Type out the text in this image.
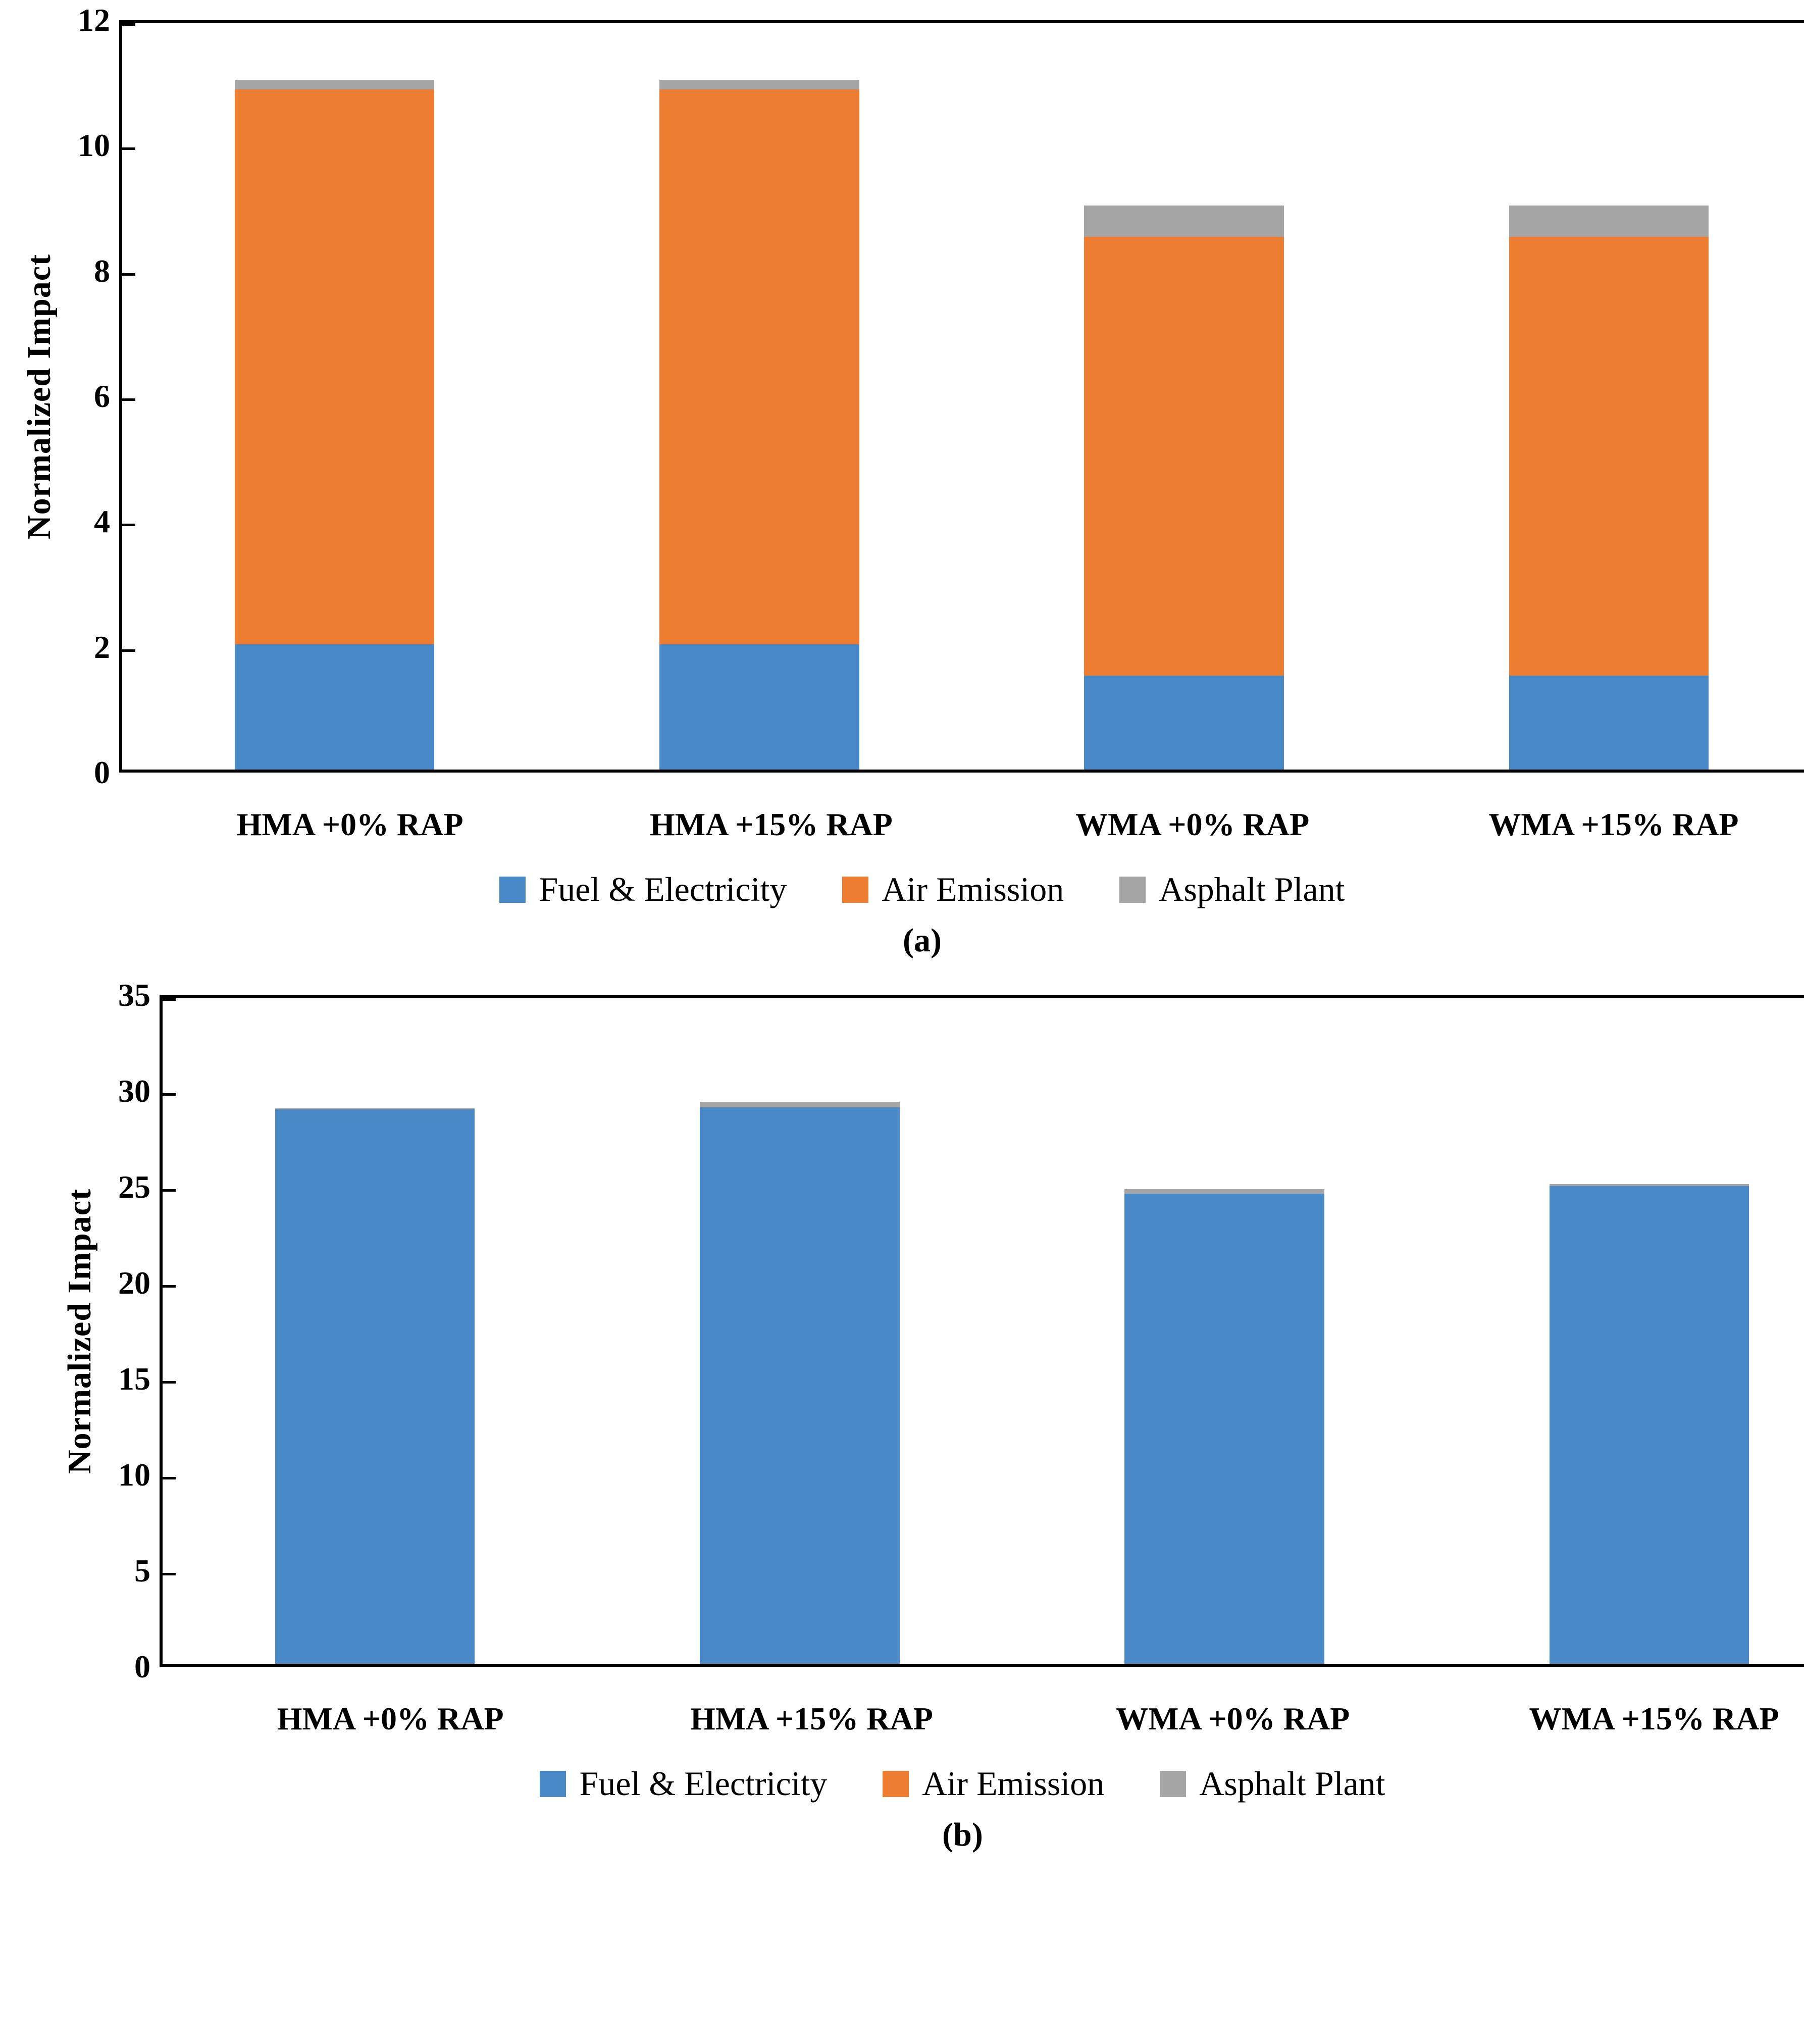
Normalized Impact
0
2
4
6
8
10
12
HMA +0% RAP	HMA +15% RAP	WMA +0% RAP	WMA +15% RAP
Fuel & Electricity	Air Emission	Asphalt Plant
(a)
Normalized Impact
0
5
10
15
20
25
30
35
HMA +0% RAP	HMA +15% RAP	WMA +0% RAP	WMA +15% RAP
Fuel & Electricity	Air Emission	Asphalt Plant
(b)
